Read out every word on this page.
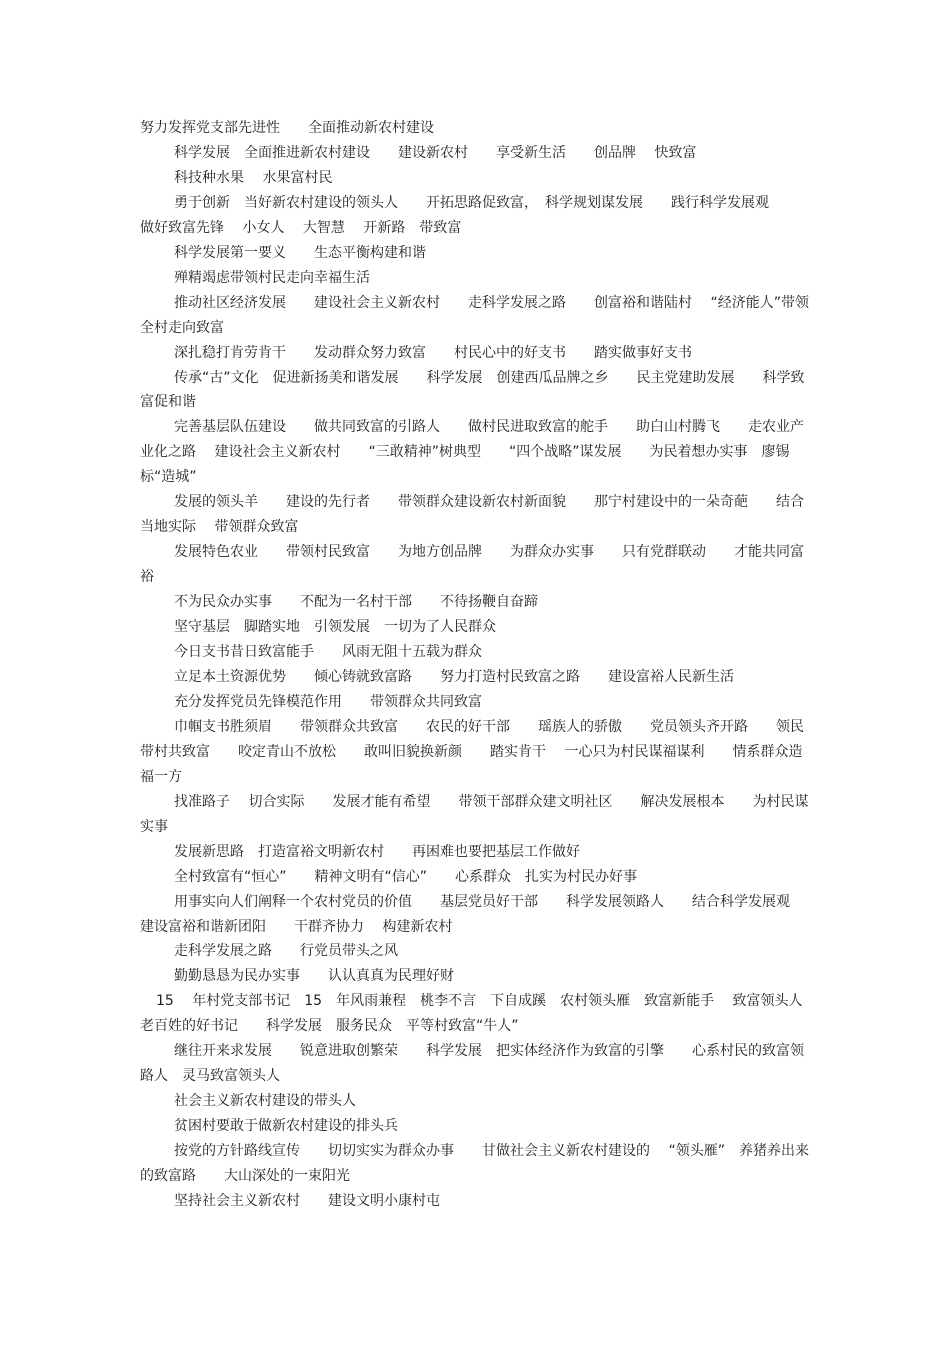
努力发挥党支部先进性　　全面推动新农村建设

科学发展　全面推进新农村建设　　建设新农村　　享受新生活　　创品牌　 快致富

科技种水果　 水果富村民

勇于创新　当好新农村建设的领头人　　开拓思路促致富，　科学规划谋发展　　践行科学发展观　　做好致富先锋　 小女人　 大智慧　 开新路　带致富

科学发展第一要义　　生态平衡构建和谐

殚精竭虑带领村民走向幸福生活

推动社区经济发展　　建设社会主义新农村　　走科学发展之路　　创富裕和谐陆村　 “经济能人”带领全村走向致富

深扎稳打肯劳肯干　　发动群众努力致富　　村民心中的好支书　　踏实做事好支书

传承“古”文化　促进新扬美和谐发展　　科学发展　创建西瓜品牌之乡　　民主党建助发展　　科学致富促和谐

完善基层队伍建设　　做共同致富的引路人　　做村民进取致富的舵手　　助白山村腾飞　　走农业产业化之路　 建设社会主义新农村　　“三敢精神”树典型　　“四个战略”谋发展　　为民着想办实事　廖锡标“造城”

发展的领头羊　　建设的先行者　　带领群众建设新农村新面貌　　那宁村建设中的一朵奇葩　　结合当地实际　 带领群众致富

发展特色农业　　带领村民致富　　为地方创品牌　　为群众办实事　　只有党群联动　　才能共同富裕

不为民众办实事　　不配为一名村干部　　不待扬鞭自奋蹄

坚守基层　脚踏实地　引领发展　一切为了人民群众

今日支书昔日致富能手　　风雨无阻十五载为群众

立足本土资源优势　　倾心铸就致富路　　努力打造村民致富之路　　建设富裕人民新生活

充分发挥党员先锋模范作用　　带领群众共同致富

巾帼支书胜须眉　　带领群众共致富　　农民的好干部　　瑶族人的骄傲　　党员领头齐开路　　领民带村共致富　　咬定青山不放松　　敢叫旧貌换新颜　　踏实肯干　 一心只为村民谋福谋利　　情系群众造福一方

找准路子　 切合实际　　发展才能有希望　　带领干部群众建文明社区　　解决发展根本　　为村民谋实事

发展新思路　打造富裕文明新农村　　再困难也要把基层工作做好

全村致富有“恒心”　　精神文明有“信心”　　心系群众　扎实为村民办好事

用事实向人们阐释一个农村党员的价值　　基层党员好干部　　科学发展领路人　　结合科学发展观　建设富裕和谐新团阳　　干群齐协力　 构建新农村

走科学发展之路　　行党员带头之风

勤勤恳恳为民办实事　　认认真真为民理好财

15　 年村党支部书记　15　年风雨兼程　桃李不言　下自成蹊　农村领头雁　致富新能手　 致富领头人　老百姓的好书记　　科学发展　服务民众　平等村致富“牛人”

继往开来求发展　　锐意进取创繁荣　　科学发展　把实体经济作为致富的引擎　　心系村民的致富领路人　灵马致富领头人

社会主义新农村建设的带头人

贫困村要敢于做新农村建设的排头兵

按党的方针路线宣传　　切切实实为群众办事　　甘做社会主义新农村建设的　 “领头雁”　养猪养出来的致富路　　大山深处的一束阳光

坚持社会主义新农村　　建设文明小康村屯
